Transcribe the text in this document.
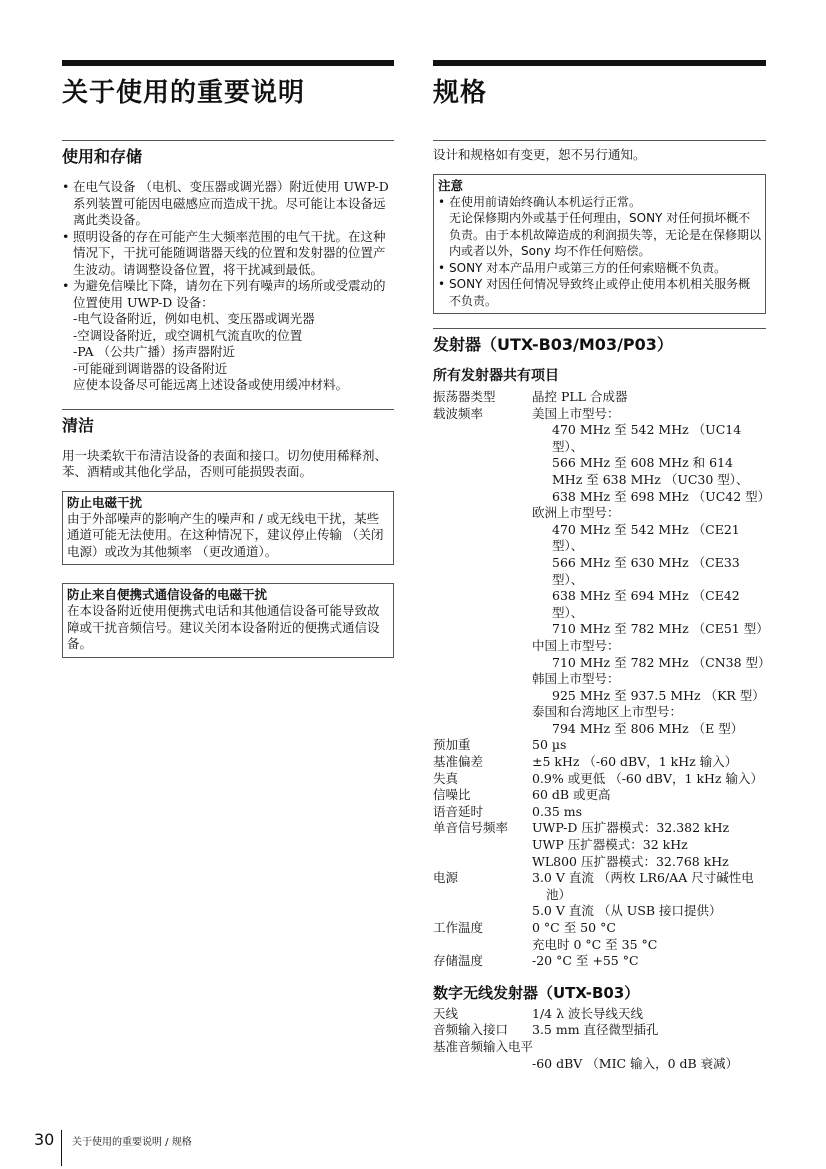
关于使用的重要说明
使用和存储
• 在电气设备 （电机、变压器或调光器）附近使用 UWP-D 系列装置可能因电磁感应而造成干扰。尽可能让本设备远离此类设备。
• 照明设备的存在可能产生大频率范围的电气干扰。在这种情况下，干扰可能随调谐器天线的位置和发射器的位置产生波动。请调整设备位置，将干扰减到最低。
• 为避免信噪比下降，请勿在下列有噪声的场所或受震动的位置使用 UWP-D 设备：
-电气设备附近，例如电机、变压器或调光器
-空调设备附近，或空调机气流直吹的位置
-PA （公共广播）扬声器附近
-可能碰到调谐器的设备附近
应使本设备尽可能远离上述设备或使用缓冲材料。
清洁
用一块柔软干布清洁设备的表面和接口。切勿使用稀释剂、苯、酒精或其他化学品，否则可能损毁表面。
防止电磁干扰
由于外部噪声的影响产生的噪声和 / 或无线电干扰，某些通道可能无法使用。在这种情况下，建议停止传输 （关闭电源）或改为其他频率 （更改通道）。
防止来自便携式通信设备的电磁干扰
在本设备附近使用便携式电话和其他通信设备可能导致故障或干扰音频信号。建议关闭本设备附近的便携式通信设备。
规格
设计和规格如有变更，恕不另行通知。
注意
• 在使用前请始终确认本机运行正常。
无论保修期内外或基于任何理由，SONY 对任何损坏概不负责。由于本机故障造成的利润损失等，无论是在保修期以内或者以外，Sony 均不作任何赔偿。
• SONY 对本产品用户或第三方的任何索赔概不负责。
• SONY 对因任何情况导致终止或停止使用本机相关服务概不负责。
发射器（UTX-B03/M03/P03）
所有发射器共有项目
振荡器类型	晶控 PLL 合成器
载波频率	美国上市型号：
470 MHz 至 542 MHz （UC14 型）、
566 MHz 至 608 MHz 和 614 MHz 至 638 MHz （UC30 型）、
638 MHz 至 698 MHz （UC42 型）
欧洲上市型号：
470 MHz 至 542 MHz （CE21 型）、
566 MHz 至 630 MHz （CE33 型）、
638 MHz 至 694 MHz （CE42 型）、
710 MHz 至 782 MHz （CE51 型）
中国上市型号：
710 MHz 至 782 MHz （CN38 型）
韩国上市型号：
925 MHz 至 937.5 MHz （KR 型）
泰国和台湾地区上市型号：
794 MHz 至 806 MHz （E 型）
预加重	50 µs
基准偏差	±5 kHz （-60 dBV，1 kHz 输入）
失真	0.9% 或更低 （-60 dBV，1 kHz 输入）
信噪比	60 dB 或更高
语音延时	0.35 ms
单音信号频率	UWP-D 压扩器模式：32.382 kHz
UWP 压扩器模式：32 kHz
WL800 压扩器模式：32.768 kHz
电源	3.0 V 直流 （两枚 LR6/AA 尺寸碱性电池）
5.0 V 直流 （从 USB 接口提供）
工作温度	0 °C 至 50 °C
充电时 0 °C 至 35 °C
存储温度	-20 °C 至 +55 °C
数字无线发射器（UTX-B03）
天线	1/4 λ 波长导线天线
音频输入接口	3.5 mm 直径微型插孔
基准音频输入电平
-60 dBV （MIC 输入，0 dB 衰减）
30 关于使用的重要说明 / 规格
